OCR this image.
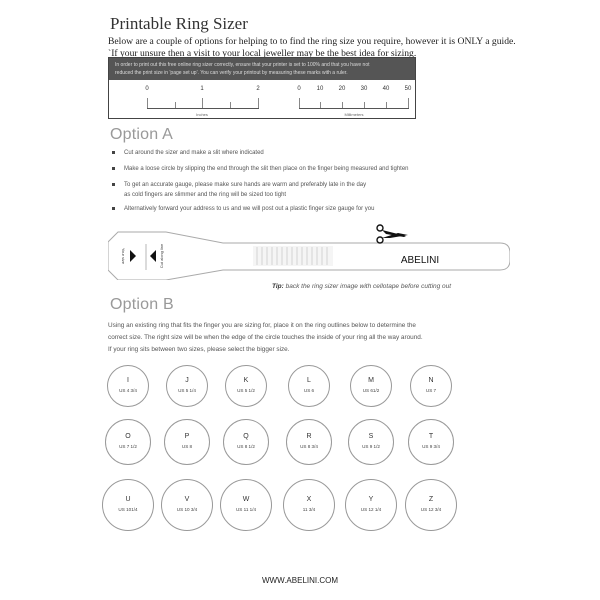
Printable Ring Sizer
Below are a couple of options for helping to to find the ring size you require, however it is ONLY a guide.
`If your unsure then a visit to your local jeweller may be the best idea for sizing.
In order to print out this free online ring sizer correctly, ensure that your printer is set to 100% and that you have not
reduced the print size in 'page set up'. You can verify your printout by measuring these marks with a ruler.
0	1	2
Inches
0	10	20	30	40	50
Millimeters
Option A
Cut around the sizer and make a slit where indicated
Make a loose circle by slipping the end through the slit then place on the finger being measured and tighten
To get an accurate gauge, please make sure hands are warm and preferably late in the day
as cold fingers are slimmer and the ring will be sized too tight
Alternatively forward your address to us and we will post out a plastic finger size gauge for you
Your size	Cut along line	ABELINI
Tip: back the ring sizer image with cellotape before cutting out
Option B
Using an existing ring that fits the finger you are sizing for, place it on the ring outlines below to determine the
correct size. The right size will be when the edge of the circle touches the inside of your ring all the way around.
If your ring sits between two sizes, please select the bigger size.
I
US 4 3/4
J
US 5 1/4
K
US 5 1/2
L
US 6
M
US 61/2
N
US 7
O
US 7 1/2
P
US 8
Q
US 8 1/2
R
US 8 3/4
S
US 9 1/2
T
US 9 3/4
U
US 101/4
V
US 10 3/4
W
US 11 1/4
X
11 3/4
Y
US 12 1/4
Z
US 12 3/4
WWW.ABELINI.COM
